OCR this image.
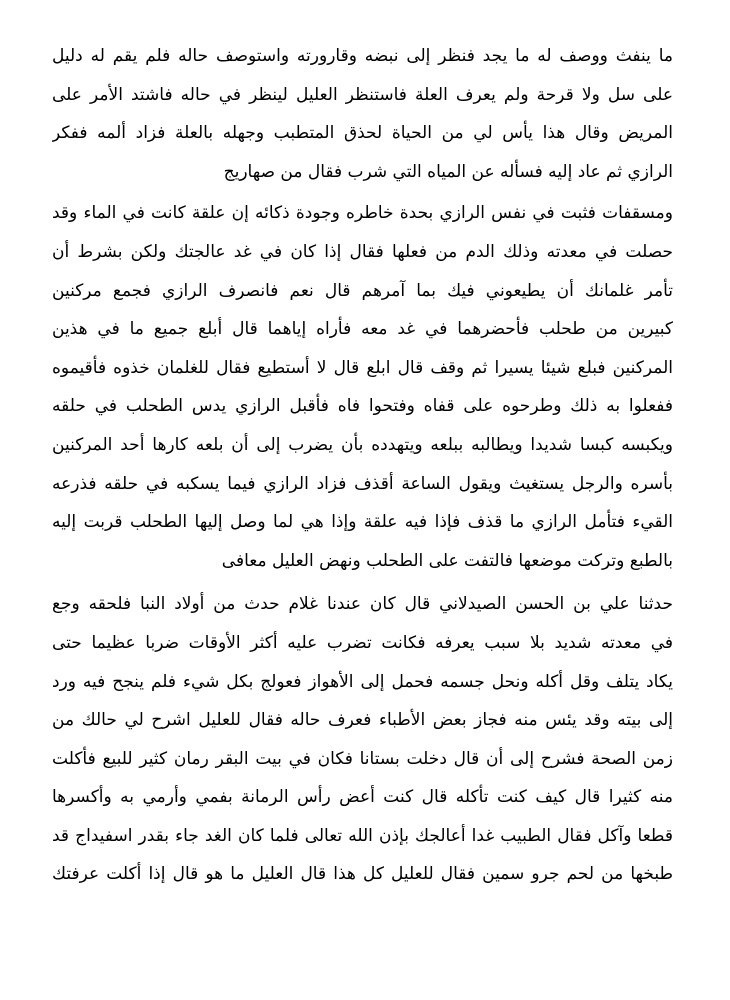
ما ينفث ووصف له ما يجد فنظر إلى نبضه وقارورته واستوصف حاله فلم يقم له دليل
على سل ولا قرحة ولم يعرف العلة فاستنظر العليل لينظر في حاله فاشتد الأمر على
المريض وقال هذا يأس لي من الحياة لحذق المتطبب وجهله بالعلة فزاد ألمه ففكر
الرازي ثم عاد إليه فسأله عن المياه التي شرب فقال من صهاريج
ومسقفات فثبت في نفس الرازي بحدة خاطره وجودة ذكائه إن علقة كانت في الماء وقد
حصلت في معدته وذلك الدم من فعلها فقال إذا كان في غد عالجتك ولكن بشرط أن
تأمر غلمانك أن يطيعوني فيك بما آمرهم قال نعم فانصرف الرازي فجمع مركنين
كبيرين من طحلب فأحضرهما في غد معه فأراه إياهما قال أبلع جميع ما في هذين
المركنين فبلع شيئا يسيرا ثم وقف قال ابلع قال لا أستطيع فقال للغلمان خذوه فأقيموه
ففعلوا به ذلك وطرحوه على قفاه وفتحوا فاه فأقبل الرازي يدس الطحلب في حلقه
ويكبسه كبسا شديدا ويطالبه ببلعه ويتهدده بأن يضرب إلى أن بلعه كارها أحد المركنين
بأسره والرجل يستغيث ويقول الساعة أقذف فزاد الرازي فيما يسكبه في حلقه فذرعه
القيء فتأمل الرازي ما قذف فإذا فيه علقة وإذا هي لما وصل إليها الطحلب قربت إليه
بالطبع وتركت موضعها فالتفت على الطحلب ونهض العليل معافى
حدثنا علي بن الحسن الصيدلاني قال كان عندنا غلام حدث من أولاد النبا فلحقه وجع
في معدته شديد بلا سبب يعرفه فكانت تضرب عليه أكثر الأوقات ضربا عظيما حتى
يكاد يتلف وقل أكله ونحل جسمه فحمل إلى الأهواز فعولج بكل شيء فلم ينجح فيه ورد
إلى بيته وقد يئس منه فجاز بعض الأطباء فعرف حاله فقال للعليل اشرح لي حالك من
زمن الصحة فشرح إلى أن قال دخلت بستانا فكان في بيت البقر رمان كثير للبيع فأكلت
منه كثيرا قال كيف كنت تأكله قال كنت أعض رأس الرمانة بفمي وأرمي به وأكسرها
قطعا وآكل فقال الطبيب غدا أعالجك بإذن الله تعالى فلما كان الغد جاء بقدر اسفيداج قد
طبخها من لحم جرو سمين فقال للعليل كل هذا قال العليل ما هو قال إذا أكلت عرفتك
